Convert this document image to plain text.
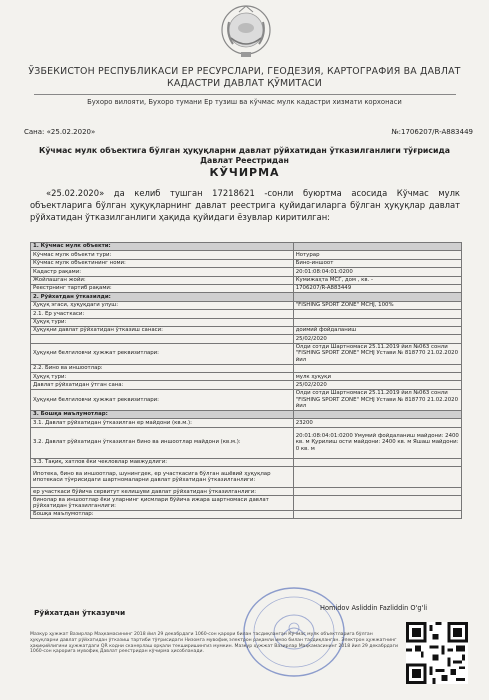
ЎЗБЕКИСТОН РЕСПУБЛИКАСИ ЕР РЕСУРСЛАРИ, ГЕОДЕЗИЯ, КАРТОГРАФИЯ ВА ДАВЛАТ КАДАСТРИ ДАВЛАТ ҚЎМИТАСИ
Бухоро вилояти, Бухоро тумани Ер тузиш ва кўчмас мулк кадастри хизмати корхонаси
Сана: «25.02.2020»	№:1706207/R-A883449
Кўчмас мулк объектига бўлган ҳуқуқларни давлат рўйхатидан ўтказилганлиги тўғрисида Давлат Реестридан
КЎЧИРМА
«25.02.2020» да келиб тушган 17218621 -сонли буюртма асосида Кўчмас мулк объектларига бўлган ҳуқуқларнинг давлат реестрига қуйидагиларга бўлган ҳуқуқлар давлат рўйхатидан ўтказилганлиги ҳақида қуйидаги ёзувлар киритилган:
1. Кўчмас мулк объекти:	
Кўчмас мулк объекти тури:	Нотурар
Кўчмас мулк объектининг номи:	Бино-иншоот
Кадастр рақами:	20:01:08:04:01:0200
Жойлашган жойи:	Кумижаҳта МСГ, дом , кв. -
Реестрнинг тартиб рақами:	1706207/R-A883449
2. Рўйхатдан ўтказилди:	
Ҳуқуқ эгаси, ҳуқуқдаги улуш:	"FISHING SPORT ZONE" MCHJ, 100%
2.1. Ер участкаси:	
Ҳуқуқ тури:	
Ҳуқуқни давлат рўйхатидан ўтказиш санаси:	доимий фойдаланиш
	25/02/2020
Ҳуқуқни белгиловчи ҳужжат реквизитлари:	Олди сотди Шартномаси 25.11.2019 йил №063 сонли "FISHING SPORT ZONE" MCHJ Устави № 818770 21.02.2020 йил
2.2. Бино ва иншоотлар:	
Ҳуқуқ тури:	мулк ҳуқуқи
Давлат рўйхатидан ўтган сана:	25/02/2020
Ҳуқуқни белгиловчи ҳужжат реквизитлари:	Олди сотди Шартномаси 25.11.2019 йил №063 сонли "FISHING SPORT ZONE" MCHJ Устави № 818770 21.02.2020 йил
3. Бошқа маълумотлар:	
3.1. Давлат рўйхатидан ўтказилган ер майдони (кв.м.):	23200
3.2. Давлат рўйхатидан ўтказилган бино ва иншоотлар майдони (кв.м.):	20:01:08:04:01:0200 Умумий фойдаланиш майдони: 2400 кв. м Қурилиш ости майдони: 2400 кв. м Яшаш майдони: 0 кв. м
3.3. Тақиқ, хатлов ёки чекловлар мавжудлиги:	
Ипотека, бино ва иншоотлар, шунингдек, ер участкасига бўлган ашёвий ҳуқуқлар ипотекаси тўғрисидаги шартномаларни давлат рўйхатидан ўтказилганлиги:	
ер участкаси бўйича сервитут келишуви давлат рўйхатидан ўтказилганлиги:	
бинолар ва иншоотлар ёки уларнинг қисмлари бўйича ижара шартномаси давлат рўйхатидан ўтказилганлиги:	
Бошқа маълумотлар:	
Рўйхатдан ўтказувчи	Homidov Asliddin Fazliddin O'g'li
Мазкур ҳужжат Вазирлар Маҳкамасининг 2018 йил 29 декабрдаги 1060-сон қарори билан тасдиқланган Кўчмас мулк объектларига бўлган ҳуқуқларни давлат рўйхатидан ўтказиш тартиби тўғрисидаги Низомга мувофиқ электрон рақамли имзо билан тасдиқланган. Электрон ҳужжатнинг ҳақиқийлигини ҳужжатдаги QR кодни сканерлаш орқали текширишингиз мумкин. Мазкур ҳужжат Вазирлар Маҳкамасининг 2018 йил 29 декабрдаги 1060-сон қарорига мувофиқ Давлат реестридан кўчирма ҳисобланади.
